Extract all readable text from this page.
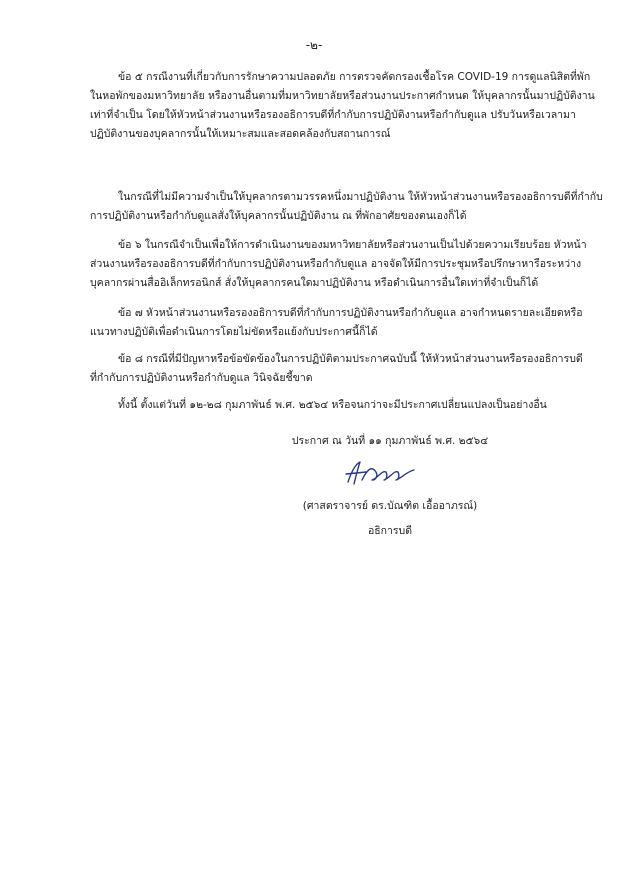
-๒-
ข้อ ๕ กรณีงานที่เกี่ยวกับการรักษาความปลอดภัย การตรวจคัดกรองเชื้อโรค COVID-19 การดูแลนิสิตที่พัก
ในหอพักของมหาวิทยาลัย หรืองานอื่นตามที่มหาวิทยาลัยหรือส่วนงานประกาศกำหนด ให้บุคลากรนั้นมาปฏิบัติงาน
เท่าที่จำเป็น โดยให้หัวหน้าส่วนงานหรือรองอธิการบดีที่กำกับการปฏิบัติงานหรือกำกับดูแล ปรับวันหรือเวลามา
ปฏิบัติงานของบุคลากรนั้นให้เหมาะสมและสอดคล้องกับสถานการณ์
ในกรณีที่ไม่มีความจำเป็นให้บุคลากรตามวรรคหนึ่งมาปฏิบัติงาน ให้หัวหน้าส่วนงานหรือรองอธิการบดีที่กำกับ
การปฏิบัติงานหรือกำกับดูแลสั่งให้บุคลากรนั้นปฏิบัติงาน ณ ที่พักอาศัยของตนเองก็ได้
ข้อ ๖ ในกรณีจำเป็นเพื่อให้การดำเนินงานของมหาวิทยาลัยหรือส่วนงานเป็นไปด้วยความเรียบร้อย หัวหน้า
ส่วนงานหรือรองอธิการบดีที่กำกับการปฏิบัติงานหรือกำกับดูแล อาจจัดให้มีการประชุมหรือปรึกษาหารือระหว่าง
บุคลากรผ่านสื่ออิเล็กทรอนิกส์ สั่งให้บุคลากรคนใดมาปฏิบัติงาน หรือดำเนินการอื่นใดเท่าที่จำเป็นก็ได้
ข้อ ๗ หัวหน้าส่วนงานหรือรองอธิการบดีที่กำกับการปฏิบัติงานหรือกำกับดูแล อาจกำหนดรายละเอียดหรือ
แนวทางปฏิบัติเพื่อดำเนินการโดยไม่ขัดหรือแย้งกับประกาศนี้ก็ได้
ข้อ ๘ กรณีที่มีปัญหาหรือข้อขัดข้องในการปฏิบัติตามประกาศฉบับนี้ ให้หัวหน้าส่วนงานหรือรองอธิการบดี
ที่กำกับการปฏิบัติงานหรือกำกับดูแล วินิจฉัยชี้ขาด
ทั้งนี้ ตั้งแต่วันที่ ๑๒-๒๘ กุมภาพันธ์ พ.ศ. ๒๕๖๔ หรือจนกว่าจะมีประกาศเปลี่ยนแปลงเป็นอย่างอื่น
ประกาศ ณ วันที่ ๑๑ กุมภาพันธ์ พ.ศ. ๒๕๖๔
(ศาสตราจารย์ ดร.บัณฑิต เอื้ออาภรณ์)
อธิการบดี
